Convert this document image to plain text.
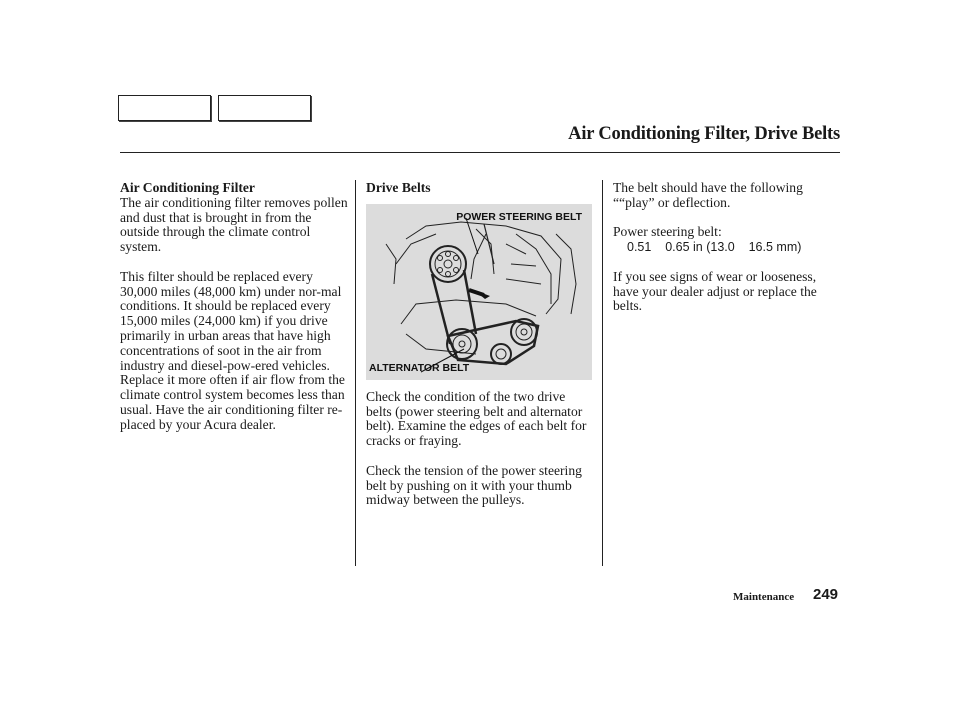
Air Conditioning Filter, Drive Belts
Air Conditioning Filter

The air conditioning filter removes pollen and dust that is brought in from the outside through the climate control system.

This filter should be replaced every 30,000 miles (48,000 km) under nor-mal conditions. It should be replaced every 15,000 miles (24,000 km) if you drive primarily in urban areas that have high concentrations of soot in the air from industry and diesel-pow-ered vehicles. Replace it more often if air flow from the climate control system becomes less than usual. Have the air conditioning filter re-placed by your Acura dealer.

Drive Belts
POWER STEERING BELT
ALTERNATOR BELT

Check the condition of the two drive belts (power steering belt and alternator belt). Examine the edges of each belt for cracks or fraying.

Check the tension of the power steering belt by pushing on it with your thumb midway between the pulleys.

The belt should have the following ““play” or deflection.

Power steering belt:

0.51    0.65 in (13.0    16.5 mm)

If you see signs of wear or looseness, have your dealer adjust or replace the belts.

Maintenance 249
